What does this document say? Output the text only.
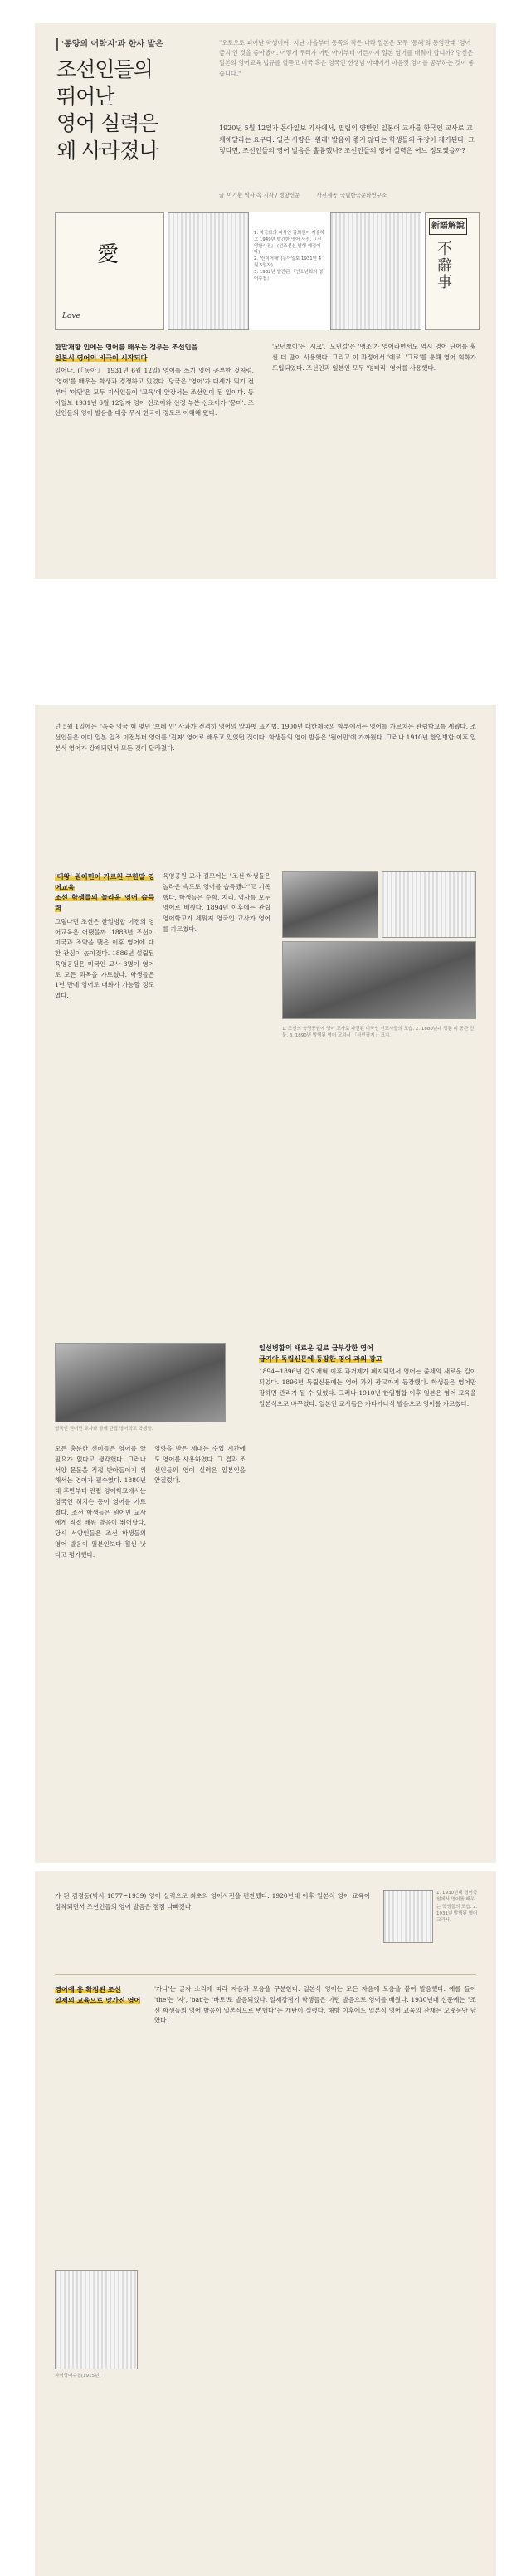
'동양의 어학지'과 한사 발은
조선인들의
뛰어난
영어 실력은
왜 사라졌나
"오로오로 피어난 학생이여! 지난 가을부터 동쪽의 작은 나라 일본은 모두 '동해'의 통영관래 '영어금지'인 것을 좋아했어. 어떻게 우리가 어린 아이부터 어른까지 일본 영어를 배워야 합니까? 당신은 일본의 영어교육 법규를 헐뜯고 미국 혹은 영국인 선생님 아래에서 마음껏 영어를 공부하는 것이 좋습니다."
1920년 5월 12일자 동아일보 기사에서, 필립의 양반인 일본어 교사를 한국인 교사로 교체해달라는 요구다. 일본 사람은 '원래' 발음이 좋지 않다는 학생들의 주장이 제기된다. 그렇다면, 조선인들의 영어 발음은 훌륭했나? 조선인들의 영어 실력은 어느 정도였을까?
글_이기환 역사 속 기자 / 경향신문	사진제공_국립한국문화연구소
愛
Love
1. 자국화의 지식인 김희원이 저술하고 1949년 발간한 영어 사전. 『신영한사전』 (선조선선 발행 예정이다)
2. '신식어해' (동아일보 1931년 4월 5일자)
3. 1932년 발간된 『연소년회의 영어수첩』
新語解說
不 辭 事
한말개항 인에는 영어를 배우는 정부는 조선인을
일본식 영어의 비극이 시작되다

일어나. (『동아』 1931년 6월 12일) 영어를 쓰기 영어 공부한 것처럼, '영어'를 배우는 학생과 경쟁하고 있었다. 당국은 '영어'가 대세가 되기 전부터 '야만'은 모두 지식인들이 '교육'에 앞장서는 조선인이 된 일이다. 동아일보 1931년 6월 12일자 영어 신조어와 선정 부분 신조어가 '몽미'. 조선인들의 영어 발음을 대충 무시 한국어 정도로 이해해 왔다.

'모던뽀이'는 '시크', '모던걸'은 '맹조'가 영어라면서도 역시 영어 단어를 훨씬 더 많이 사용했다. 그리고 이 과정에서 '에로' '그로'를 통해 영어 회화가 도입되었다. 조선인과 일본인 모두 '엉터리' 영어를 사용했다.

넌 5월 1일에는 "옥중 영국 혁 몇년 '브레 인' 사과가 전격히 영어의 알파벳 표기법. 1900년 대한제국의 학부에서는 영어를 가르치는 관립학교를 세웠다. 조선인들은 이미 일본 일조 이전부터 영어를 '진짜' 영어로 배우고 있었던 것이다. 학생들의 영어 발음은 '원어민'에 가까웠다. 그러나 1910년 한일병합 이후 일본식 영어가 강제되면서 모든 것이 달라졌다.
'대왕' 원어민이 가르친 구한말 영어교육
조선 학생들의 놀라운 영어 습득력

그렇다면 조선은 한일병합 이전의 영어교육은 어땠을까. 1883년 조선이 미국과 조약을 맺은 이후 영어에 대한 관심이 높아졌다. 1886년 설립된 육영공원은 미국인 교사 3명이 영어로 모든 과목을 가르쳤다. 학생들은 1년 만에 영어로 대화가 가능할 정도였다.

육영공원 교사 길모어는 "조선 학생들은 놀라운 속도로 영어를 습득했다"고 기록했다. 학생들은 수학, 지리, 역사를 모두 영어로 배웠다. 1894년 이후에는 관립 영어학교가 세워져 영국인 교사가 영어를 가르쳤다.

1. 조선의 육영공원에 영어 교사로 파견된 미국인 선교사들의 모습. 2. 1880년대 정동 미 공관 건물. 3. 1890년 발행된 영어 교과서 「사민필지」 표지.
영국인 원어민 교사와 함께 관립 영어학교 학생들.
모든 충분한 선비들은 영어를 알 필요가 없다고 생각했다. 그러나 서양 문물을 직접 받아들이기 위해서는 영어가 필수였다. 1880년대 후반부터 관립 영어학교에서는 영국인 허치슨 등이 영어를 가르쳤다. 조선 학생들은 원어민 교사에게 직접 배워 발음이 뛰어났다. 당시 서양인들은 조선 학생들의 영어 발음이 일본인보다 훨씬 낫다고 평가했다.
영향을 받은 세대는 수업 시간에도 영어를 사용하였다. 그 결과 조선인들의 영어 실력은 일본인을 앞질렀다.
일선병합의 새로운 길로 급부상한 영어
급기야 독립신문에 등장한 영어 과외 광고

1894~1896년 갑오개혁 이후 과거제가 폐지되면서 영어는 출세의 새로운 길이 되었다. 1896년 독립신문에는 영어 과외 광고까지 등장했다. 학생들은 영어만 잘하면 관리가 될 수 있었다. 그러나 1910년 한일병합 이후 일본은 영어 교육을 일본식으로 바꾸었다. 일본인 교사들은 가타카나식 발음으로 영어를 가르쳤다.

가 된 김정동(박사 1877~1939) 영어 실력으로 최초의 영어사전을 편찬했다. 1920년대 이후 일본식 영어 교육이 정착되면서 조선인들의 영어 발음은 점점 나빠졌다.
1. 1930년대 영어학원에서 영어를 배우는 학생들의 모습. 2. 1931년 발행된 영어 교과서.
영어에 흥 확정된 조선
일제의 교육으로 망가진 영어
'가나'는 글자 소리에 따라 자음과 모음을 구분한다. 일본식 영어는 모든 자음에 모음을 붙여 발음했다. 예를 들어 'the'는 '자', 'bat'는 '바토'로 발음되었다. 일제강점기 학생들은 이런 발음으로 영어를 배웠다. 1930년대 신문에는 "조선 학생들의 영어 발음이 일본식으로 변했다"는 개탄이 실렸다. 해방 이후에도 일본식 영어 교육의 잔재는 오랫동안 남았다.
자서영어수첩(1915년)
